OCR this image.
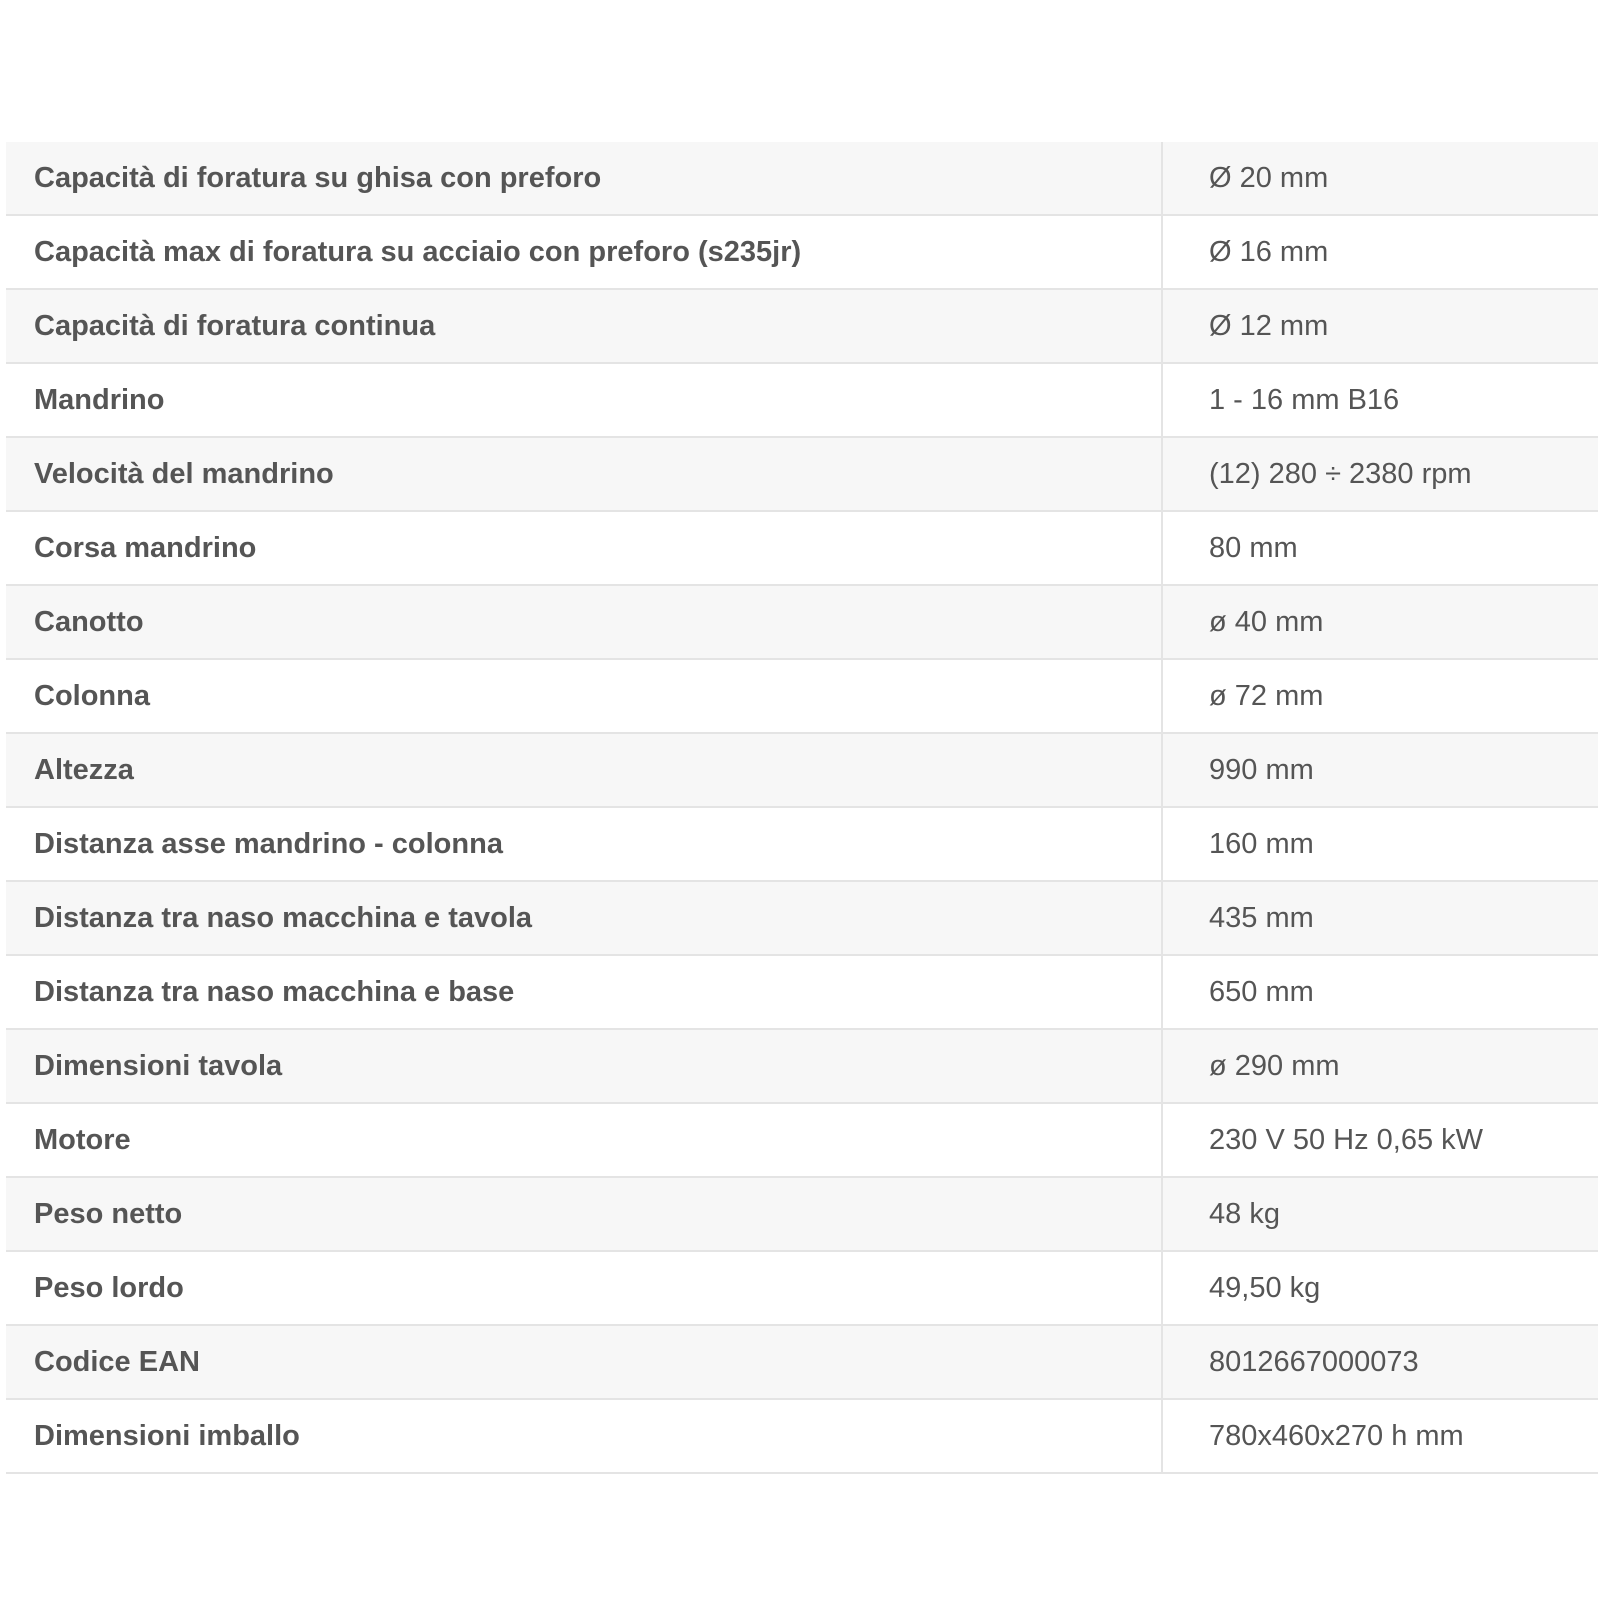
Capacità di foratura su ghisa con preforo	Ø 20 mm
Capacità max di foratura su acciaio con preforo (s235jr)	Ø 16 mm
Capacità di foratura continua	Ø 12 mm
Mandrino	1 - 16 mm B16
Velocità del mandrino	(12) 280 ÷ 2380 rpm
Corsa mandrino	80 mm
Canotto	ø 40 mm
Colonna	ø 72 mm
Altezza	990 mm
Distanza asse mandrino - colonna	160 mm
Distanza tra naso macchina e tavola	435 mm
Distanza tra naso macchina e base	650 mm
Dimensioni tavola	ø 290 mm
Motore	230 V 50 Hz 0,65 kW
Peso netto	48 kg
Peso lordo	49,50 kg
Codice EAN	8012667000073
Dimensioni imballo	780x460x270 h mm
